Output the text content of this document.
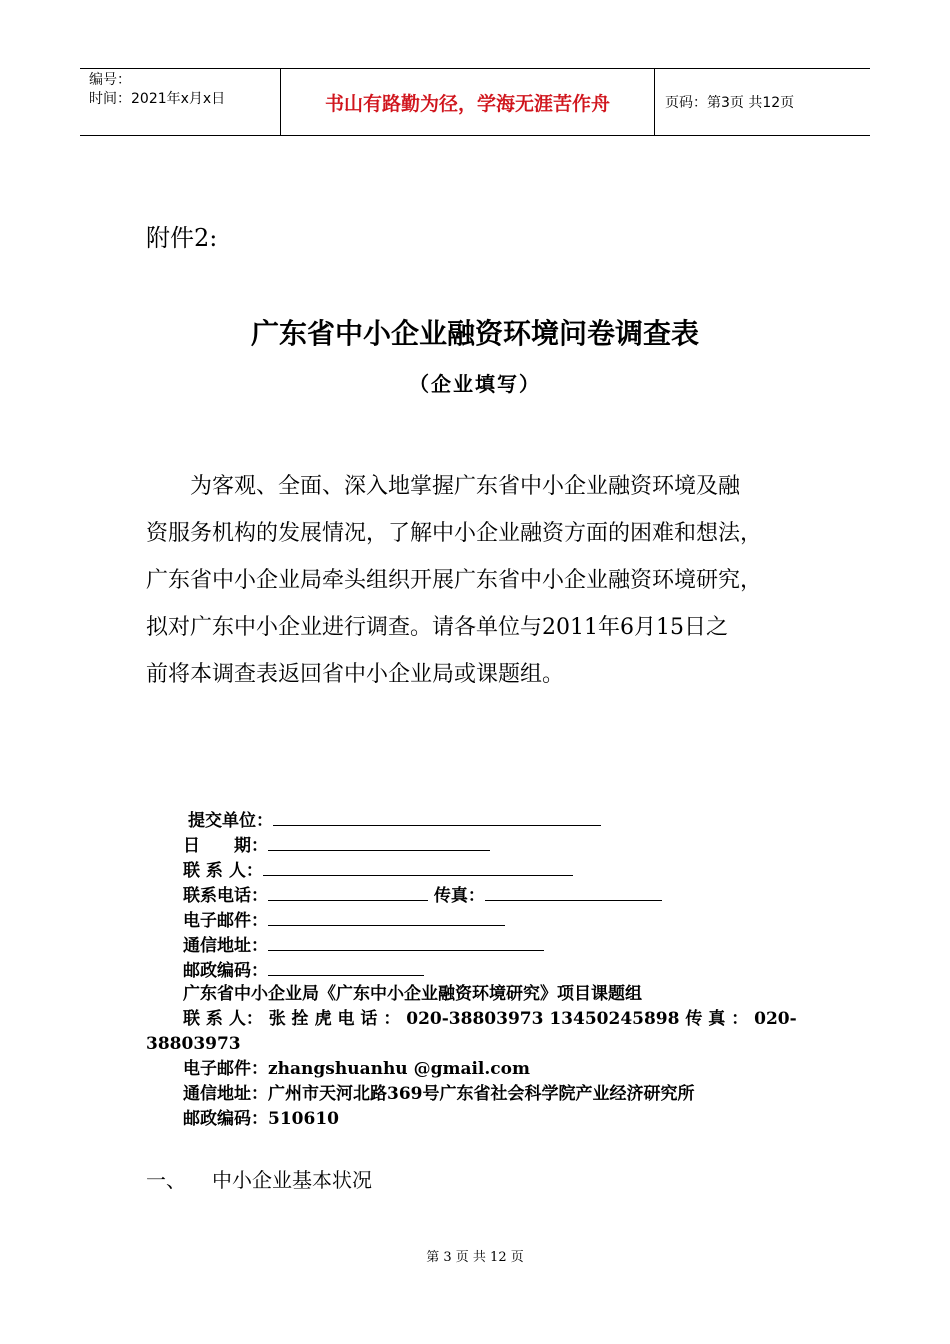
编号：
时间：2021年x月x日	书山有路勤为径，学海无涯苦作舟	页码：第3页 共12页
附件2:
广东省中小企业融资环境问卷调查表
（企业填写）
为客观、全面、深入地掌握广东省中小企业融资环境及融
资服务机构的发展情况，了解中小企业融资方面的困难和想法，
广东省中小企业局牵头组织开展广东省中小企业融资环境研究，
拟对广东中小企业进行调查。请各单位与2011年6月15日之
前将本调查表返回省中小企业局或课题组。
提交单位：
日　　期：
联 系 人：
联系电话：	传真：
电子邮件：
通信地址：
邮政编码：
广东省中小企业局《广东中小企业融资环境研究》项目课题组
联 系 人： 张 拴 虎 电 话 ： 020-38803973 13450245898 传 真 ： 020-
38803973
电子邮件：zhangshuanhu @gmail.com
通信地址：广州市天河北路369号广东省社会科学院产业经济研究所
邮政编码：510610
一、 中小企业基本状况
第 3 页 共 12 页
